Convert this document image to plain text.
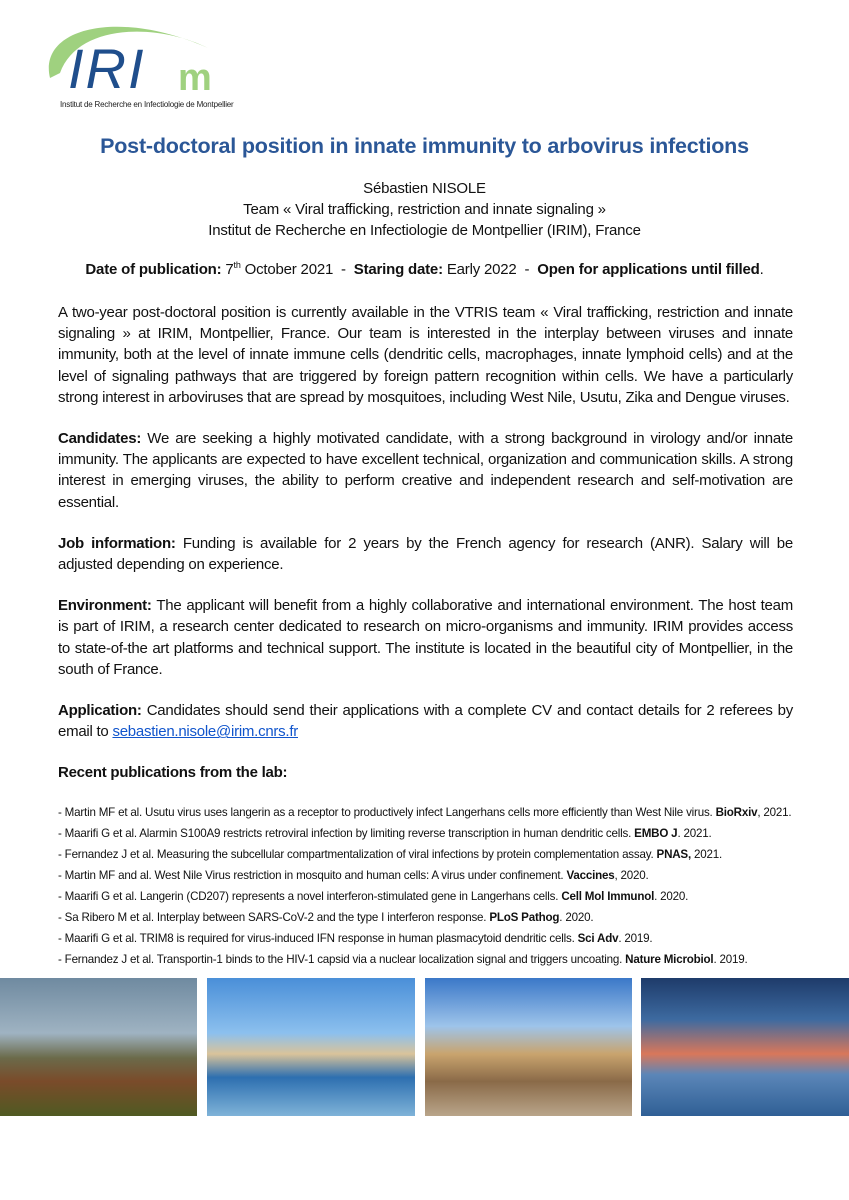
IRI m
Institut de Recherche en Infectiologie de Montpellier
Post-doctoral position in innate immunity to arbovirus infections
Sébastien NISOLE
Team « Viral trafficking, restriction and innate signaling »
Institut de Recherche en Infectiologie de Montpellier (IRIM), France
Date of publication: 7th October 2021  -  Staring date: Early 2022  -  Open for applications until filled.

A two-year post-doctoral position is currently available in the VTRIS team « Viral trafficking, restriction and innate signaling » at IRIM, Montpellier, France. Our team is interested in the interplay between viruses and innate immunity, both at the level of innate immune cells (dendritic cells, macrophages, innate lymphoid cells) and at the level of signaling pathways that are triggered by foreign pattern recognition within cells. We have a particularly strong interest in arboviruses that are spread by mosquitoes, including West Nile, Usutu, Zika and Dengue viruses.

Candidates: We are seeking a highly motivated candidate, with a strong background in virology and/or innate immunity. The applicants are expected to have excellent technical, organization and communication skills. A strong interest in emerging viruses, the ability to perform creative and independent research and self-motivation are essential.

Job information: Funding is available for 2 years by the French agency for research (ANR). Salary will be adjusted depending on experience.

Environment: The applicant will benefit from a highly collaborative and international environment. The host team is part of IRIM, a research center dedicated to research on micro-organisms and immunity. IRIM provides access to state-of-the art platforms and technical support. The institute is located in the beautiful city of Montpellier, in the south of France.

Application: Candidates should send their applications with a complete CV and contact details for 2 referees by email to sebastien.nisole@irim.cnrs.fr

Recent publications from the lab:

- Martin MF et al. Usutu virus uses langerin as a receptor to productively infect Langerhans cells more efficiently than West Nile virus. BioRxiv, 2021.
- Maarifi G et al. Alarmin S100A9 restricts retroviral infection by limiting reverse transcription in human dendritic cells. EMBO J. 2021.
- Fernandez J et al. Measuring the subcellular compartmentalization of viral infections by protein complementation assay. PNAS, 2021.
- Martin MF and al. West Nile Virus restriction in mosquito and human cells: A virus under confinement. Vaccines, 2020.
- Maarifi G et al. Langerin (CD207) represents a novel interferon-stimulated gene in Langerhans cells. Cell Mol Immunol. 2020.
- Sa Ribero M et al. Interplay between SARS-CoV-2 and the type I interferon response. PLoS Pathog. 2020.
- Maarifi G et al. TRIM8 is required for virus-induced IFN response in human plasmacytoid dendritic cells. Sci Adv. 2019.
- Fernandez J et al. Transportin-1 binds to the HIV-1 capsid via a nuclear localization signal and triggers uncoating. Nature Microbiol. 2019.
